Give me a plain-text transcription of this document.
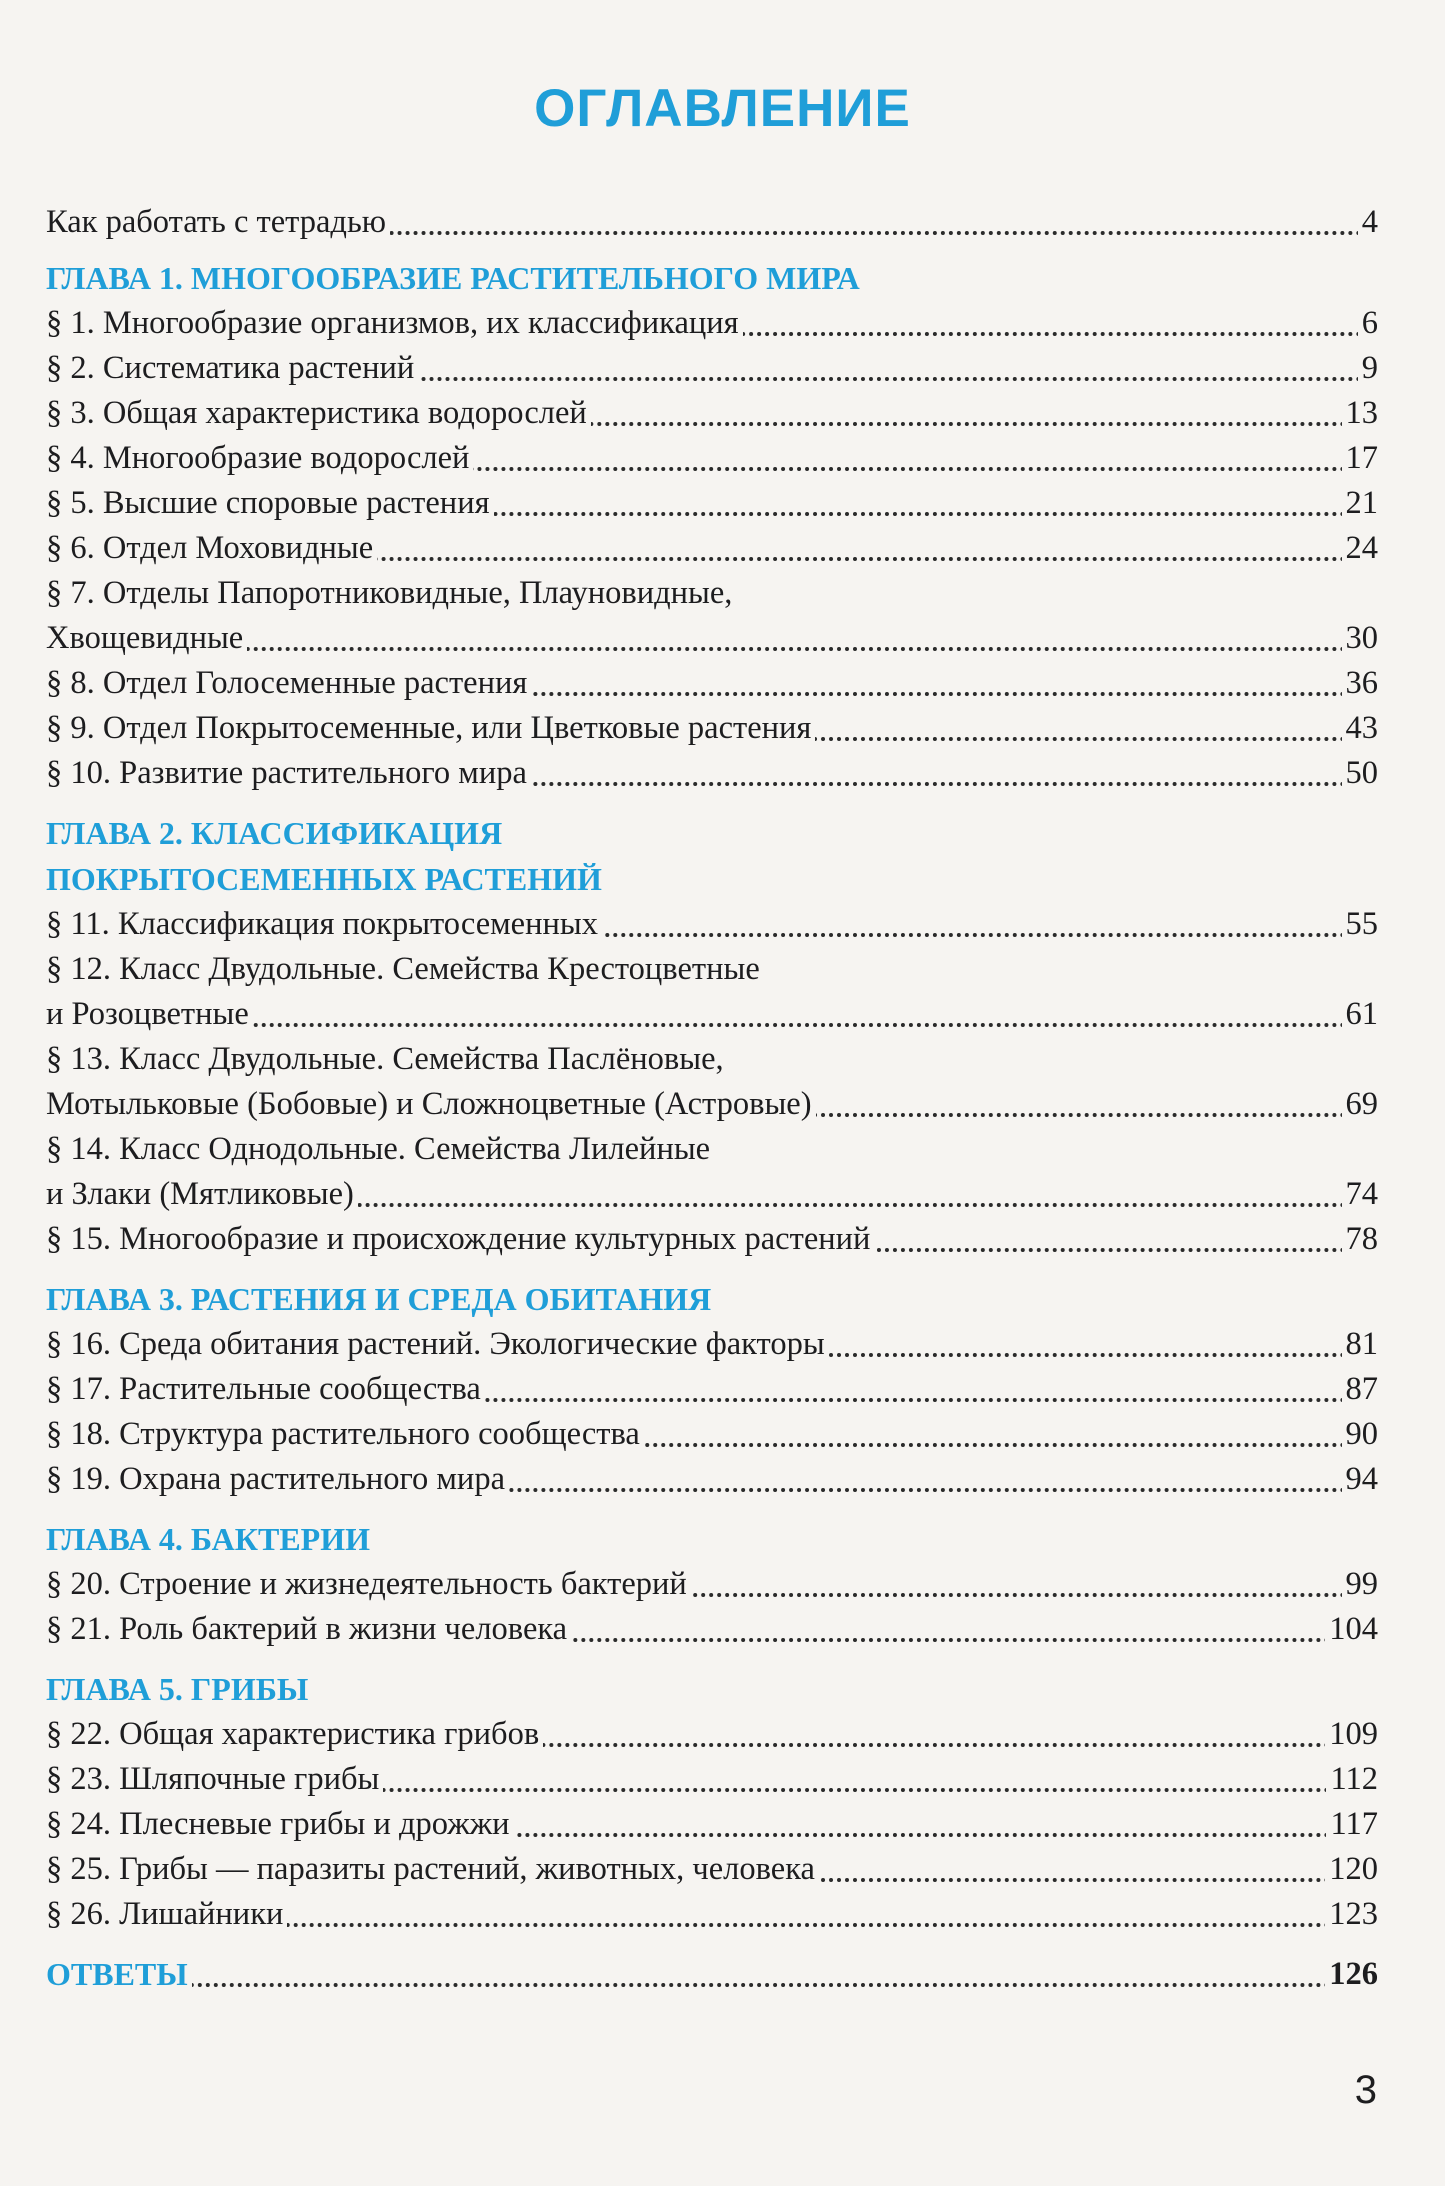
ОГЛАВЛЕНИЕ
Как работать с тетрадью	4
ГЛАВА 1. МНОГООБРАЗИЕ РАСТИТЕЛЬНОГО МИРА
§ 1. Многообразие организмов, их классификация	6
§ 2. Систематика растений	9
§ 3. Общая характеристика водорослей	13
§ 4. Многообразие водорослей	17
§ 5. Высшие споровые растения	21
§ 6. Отдел Моховидные	24
§ 7. Отделы Папоротниковидные, Плауновидные,
Хвощевидные	30
§ 8. Отдел Голосеменные растения	36
§ 9. Отдел Покрытосеменные, или Цветковые растения	43
§ 10. Развитие растительного мира	50
ГЛАВА 2. КЛАССИФИКАЦИЯ
ПОКРЫТОСЕМЕННЫХ РАСТЕНИЙ
§ 11. Классификация покрытосеменных	55
§ 12. Класс Двудольные. Семейства Крестоцветные
и Розоцветные	61
§ 13. Класс Двудольные. Семейства Паслёновые,
Мотыльковые (Бобовые) и Сложноцветные (Астровые)	69
§ 14. Класс Однодольные. Семейства Лилейные
и Злаки (Мятликовые)	74
§ 15. Многообразие и происхождение культурных растений	78
ГЛАВА 3. РАСТЕНИЯ И СРЕДА ОБИТАНИЯ
§ 16. Среда обитания растений. Экологические факторы	81
§ 17. Растительные сообщества	87
§ 18. Структура растительного сообщества	90
§ 19. Охрана растительного мира	94
ГЛАВА 4. БАКТЕРИИ
§ 20. Строение и жизнедеятельность бактерий	99
§ 21. Роль бактерий в жизни человека	104
ГЛАВА 5. ГРИБЫ
§ 22. Общая характеристика грибов	109
§ 23. Шляпочные грибы	112
§ 24. Плесневые грибы и дрожжи	117
§ 25. Грибы — паразиты растений, животных, человека	120
§ 26. Лишайники	123
ОТВЕТЫ	126
3
